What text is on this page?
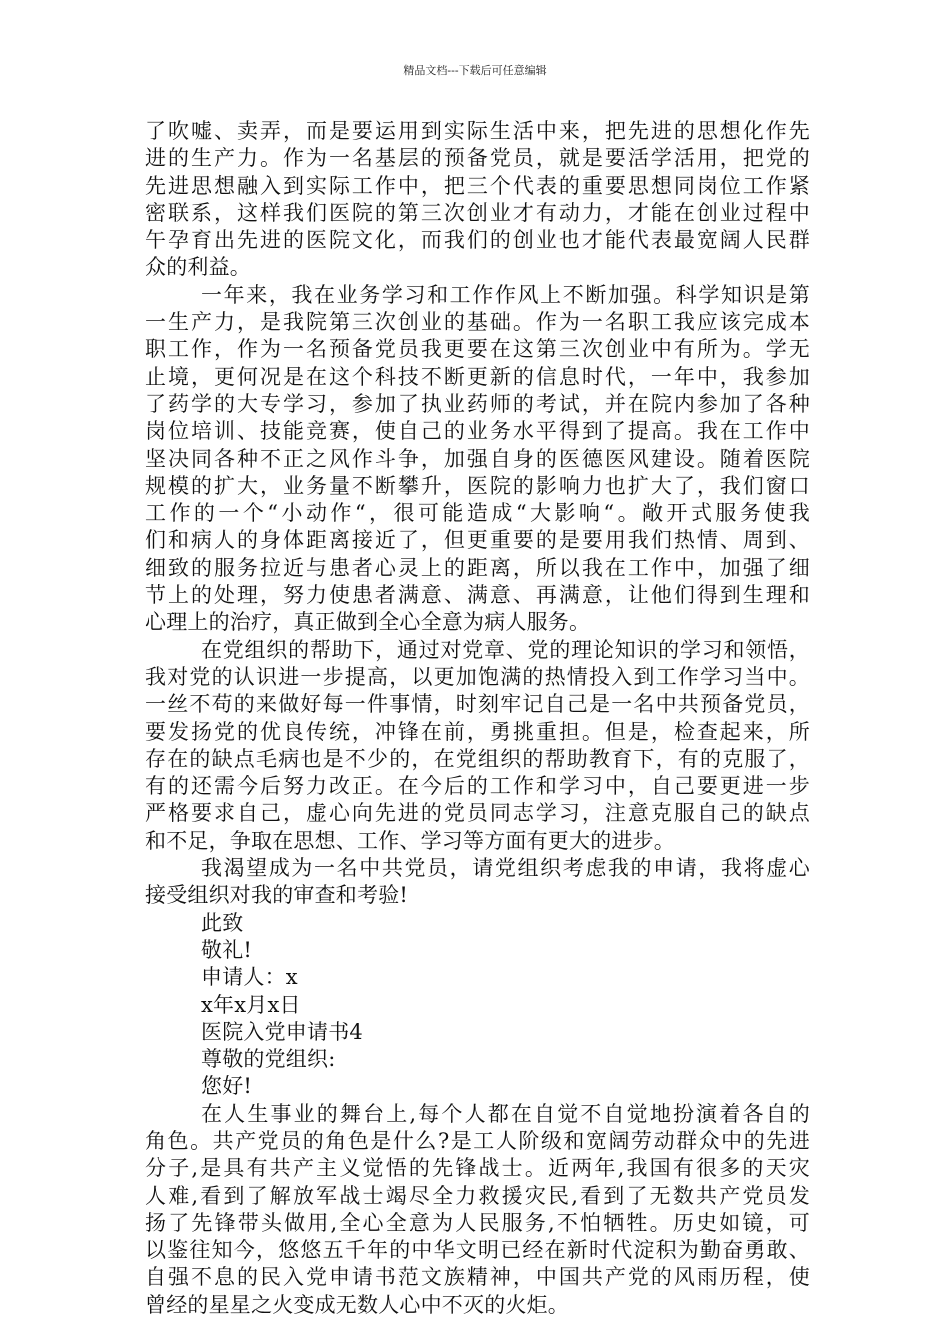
精品文档---下载后可任意编辑
了吹嘘、卖弄，而是要运用到实际生活中来，把先进的思想化作先
进的生产力。作为一名基层的预备党员，就是要活学活用，把党的
先进思想融入到实际工作中，把三个代表的重要思想同岗位工作紧
密联系，这样我们医院的第三次创业才有动力，才能在创业过程中
午孕育出先进的医院文化，而我们的创业也才能代表最宽阔人民群
众的利益。
一年来，我在业务学习和工作作风上不断加强。科学知识是第
一生产力，是我院第三次创业的基础。作为一名职工我应该完成本
职工作，作为一名预备党员我更要在这第三次创业中有所为。学无
止境，更何况是在这个科技不断更新的信息时代，一年中，我参加
了药学的大专学习，参加了执业药师的考试，并在院内参加了各种
岗位培训、技能竞赛，使自己的业务水平得到了提高。我在工作中
坚决同各种不正之风作斗争，加强自身的医德医风建设。随着医院
规模的扩大，业务量不断攀升，医院的影响力也扩大了，我们窗口
工作的一个“小动作“，很可能造成“大影响“。敞开式服务使我
们和病人的身体距离接近了，但更重要的是要用我们热情、周到、
细致的服务拉近与患者心灵上的距离，所以我在工作中，加强了细
节上的处理，努力使患者满意、满意、再满意，让他们得到生理和
心理上的治疗，真正做到全心全意为病人服务。
在党组织的帮助下，通过对党章、党的理论知识的学习和领悟，
我对党的认识进一步提高，以更加饱满的热情投入到工作学习当中。
一丝不苟的来做好每一件事情，时刻牢记自己是一名中共预备党员，
要发扬党的优良传统，冲锋在前，勇挑重担。但是，检查起来，所
存在的缺点毛病也是不少的，在党组织的帮助教育下，有的克服了，
有的还需今后努力改正。在今后的工作和学习中，自己要更进一步
严格要求自己，虚心向先进的党员同志学习，注意克服自己的缺点
和不足，争取在思想、工作、学习等方面有更大的进步。
我渴望成为一名中共党员，请党组织考虑我的申请，我将虚心
接受组织对我的审查和考验!
此致
敬礼!
申请人：x
x年x月x日
医院入党申请书4
尊敬的党组织:
您好!
在人生事业的舞台上,每个人都在自觉不自觉地扮演着各自的
角色。共产党员的角色是什么?是工人阶级和宽阔劳动群众中的先进
分子,是具有共产主义觉悟的先锋战士。近两年,我国有很多的天灾
人难,看到了解放军战士竭尽全力救援灾民,看到了无数共产党员发
扬了先锋带头做用,全心全意为人民服务,不怕牺牲。历史如镜，可
以鉴往知今，悠悠五千年的中华文明已经在新时代淀积为勤奋勇敢、
自强不息的民入党申请书范文族精神，中国共产党的风雨历程，使
曾经的星星之火变成无数人心中不灭的火炬。
